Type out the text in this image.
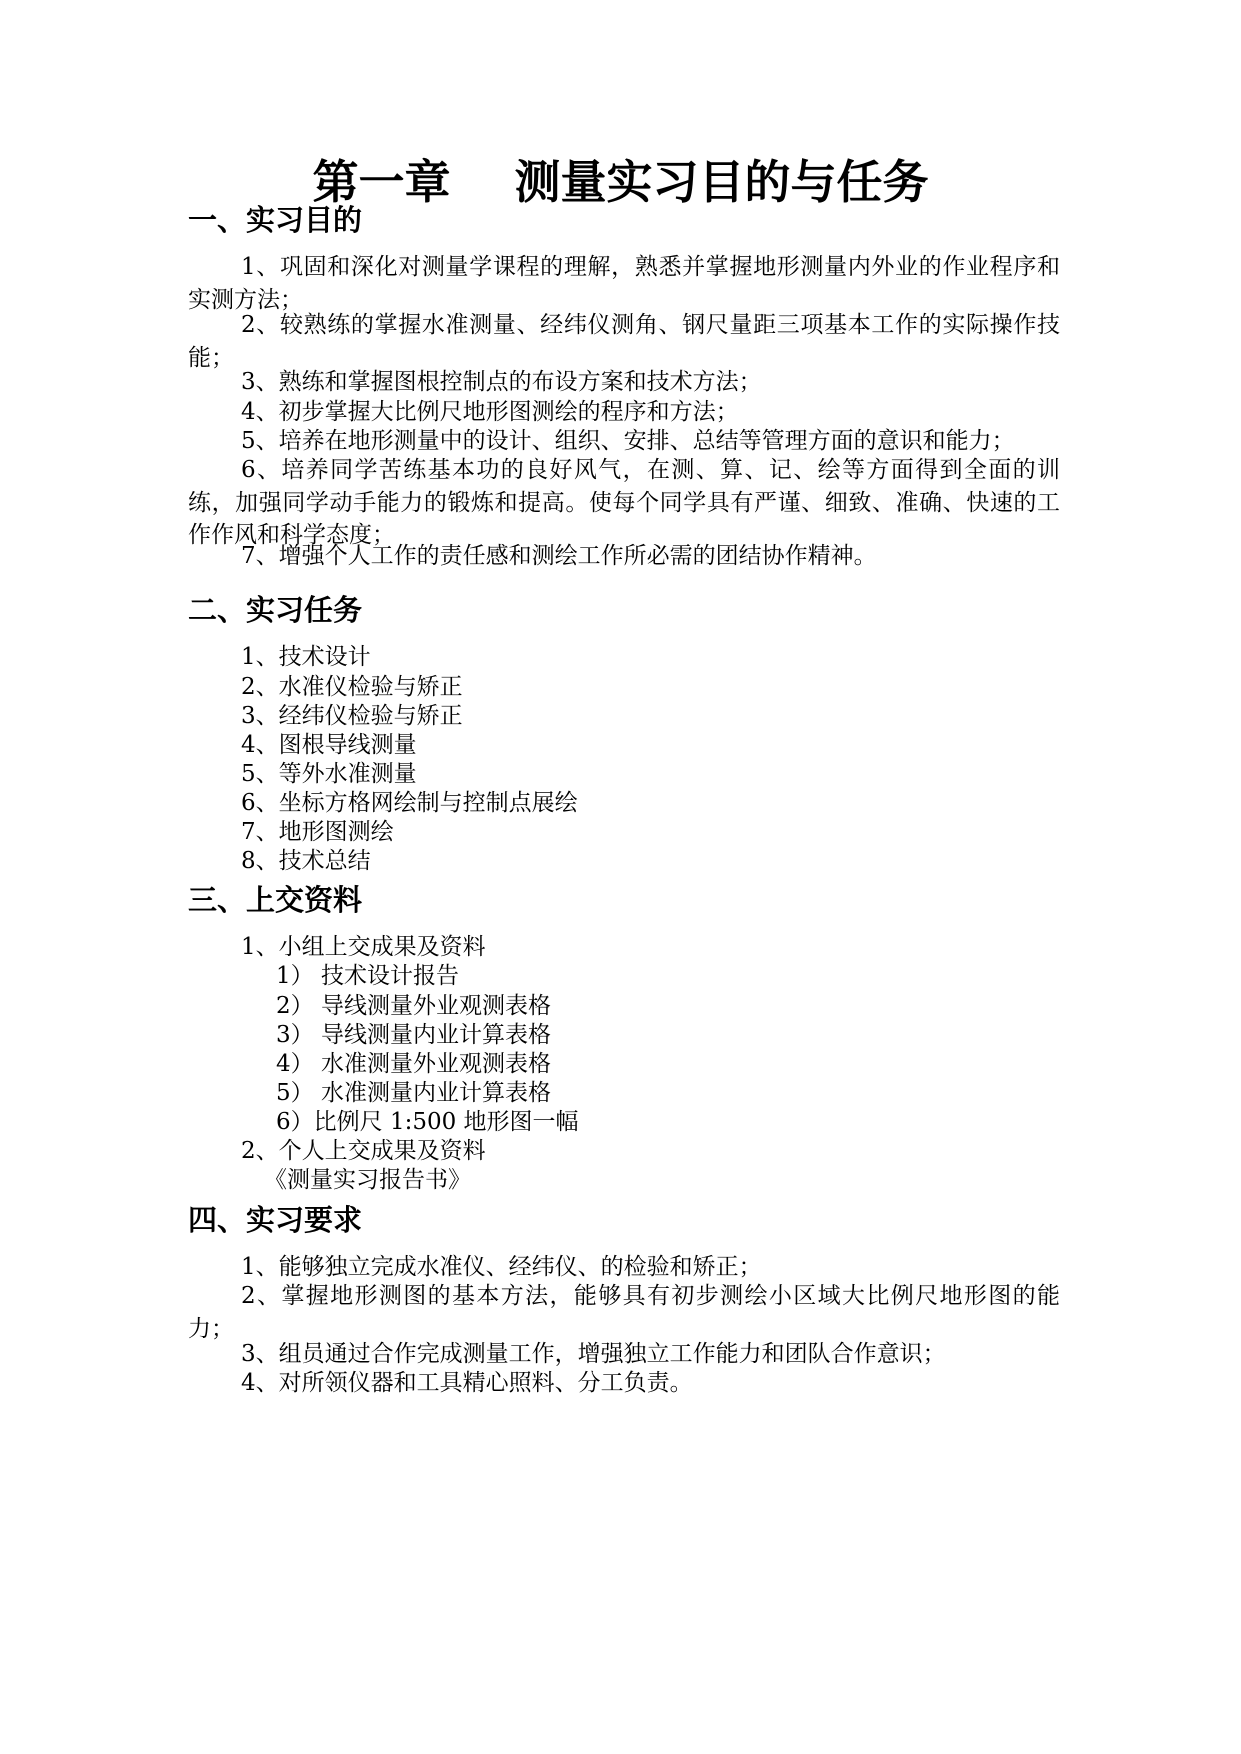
第一章    测量实习目的与任务
一、实习目的

1、巩固和深化对测量学课程的理解，熟悉并掌握地形测量内外业的作业程序和实测方法；

2、较熟练的掌握水准测量、经纬仪测角、钢尺量距三项基本工作的实际操作技能；

3、熟练和掌握图根控制点的布设方案和技术方法；

4、初步掌握大比例尺地形图测绘的程序和方法；

5、培养在地形测量中的设计、组织、安排、总结等管理方面的意识和能力；

6、培养同学苦练基本功的良好风气，在测、算、记、绘等方面得到全面的训练，加强同学动手能力的锻炼和提高。使每个同学具有严谨、细致、准确、快速的工作作风和科学态度；

7、增强个人工作的责任感和测绘工作所必需的团结协作精神。

二、实习任务
1、技术设计
2、水准仪检验与矫正
3、经纬仪检验与矫正
4、图根导线测量
5、等外水准测量
6、坐标方格网绘制与控制点展绘
7、地形图测绘
8、技术总结
三、上交资料
1、小组上交成果及资料
1） 技术设计报告
2） 导线测量外业观测表格
3） 导线测量内业计算表格
4） 水准测量外业观测表格
5） 水准测量内业计算表格
6）比例尺 1:500 地形图一幅
2、个人上交成果及资料
《测量实习报告书》
四、实习要求

1、能够独立完成水准仪、经纬仪、的检验和矫正；

2、掌握地形测图的基本方法，能够具有初步测绘小区域大比例尺地形图的能力；

3、组员通过合作完成测量工作，增强独立工作能力和团队合作意识；

4、对所领仪器和工具精心照料、分工负责。
